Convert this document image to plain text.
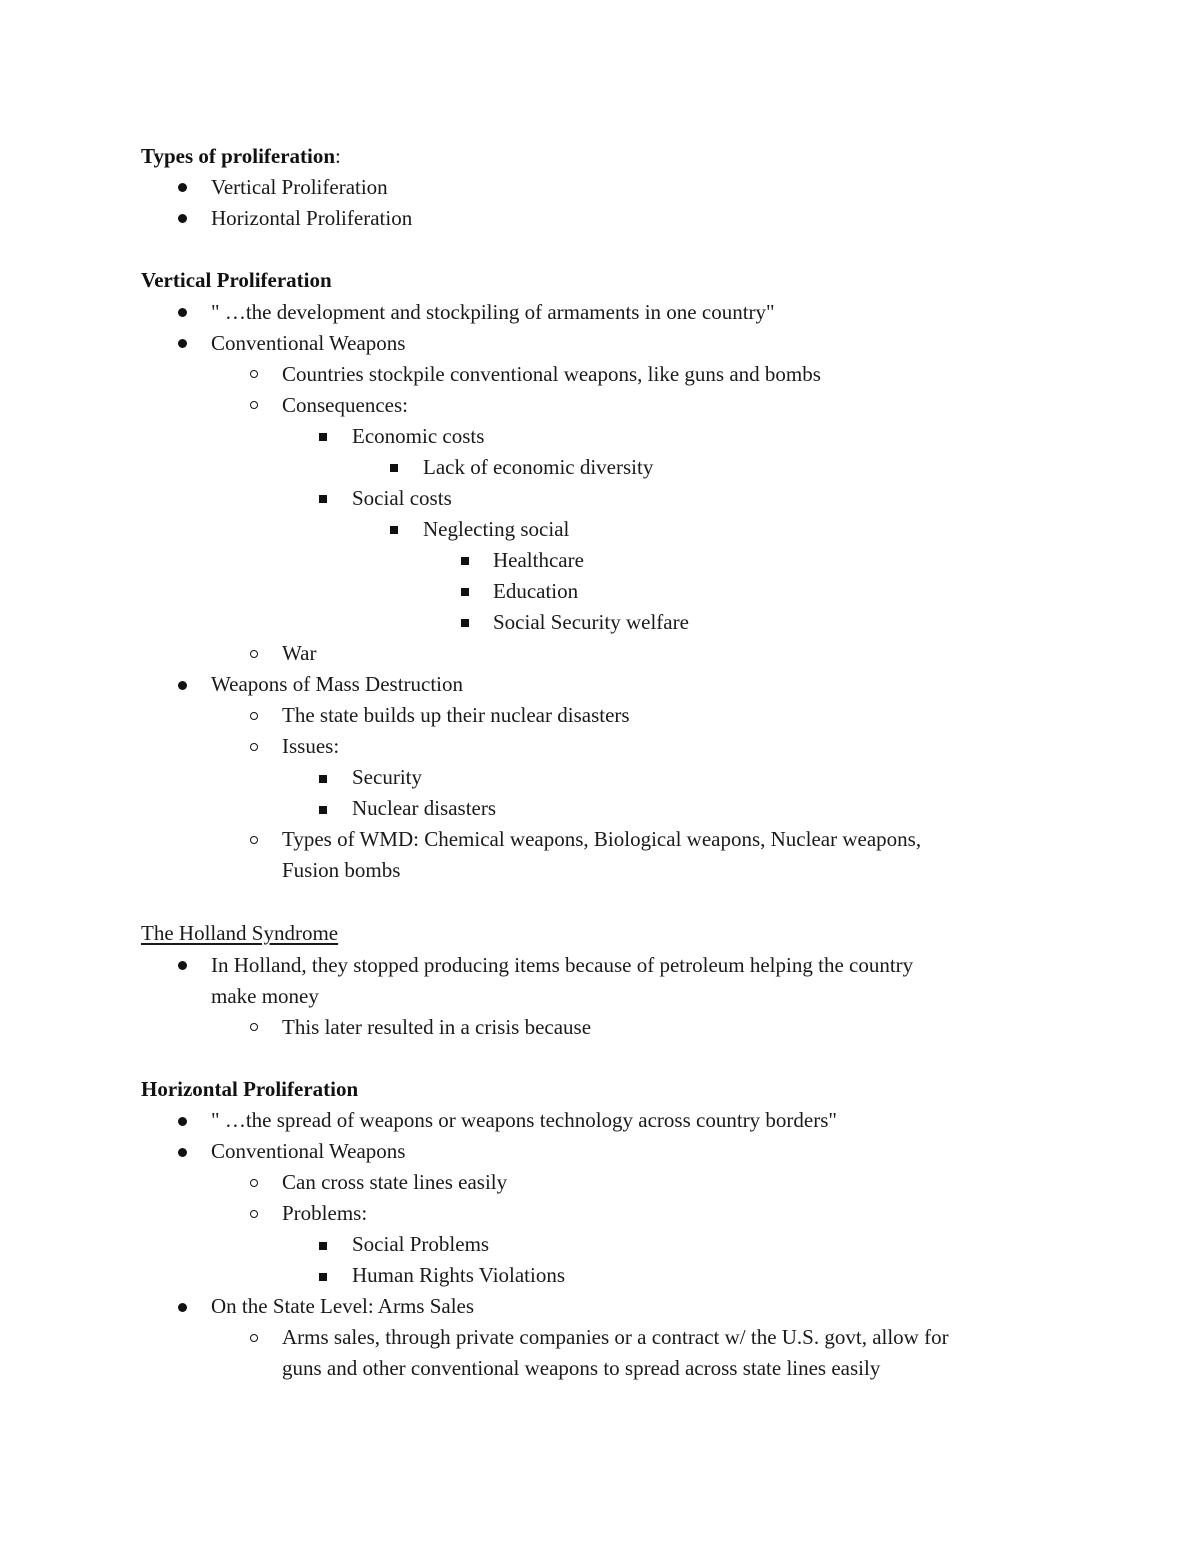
Types of proliferation:
Vertical Proliferation
Horizontal Proliferation
Vertical Proliferation
" …the development and stockpiling of armaments in one country"
Conventional Weapons
Countries stockpile conventional weapons, like guns and bombs
Consequences:
Economic costs
Lack of economic diversity
Social costs
Neglecting social
Healthcare
Education
Social Security welfare
War
Weapons of Mass Destruction
The state builds up their nuclear disasters
Issues:
Security
Nuclear disasters
Types of WMD: Chemical weapons, Biological weapons, Nuclear weapons,
Fusion bombs
The Holland Syndrome
In Holland, they stopped producing items because of petroleum helping the country
make money
This later resulted in a crisis because
Horizontal Proliferation
" …the spread of weapons or weapons technology across country borders"
Conventional Weapons
Can cross state lines easily
Problems:
Social Problems
Human Rights Violations
On the State Level: Arms Sales
Arms sales, through private companies or a contract w/ the U.S. govt, allow for
guns and other conventional weapons to spread across state lines easily
